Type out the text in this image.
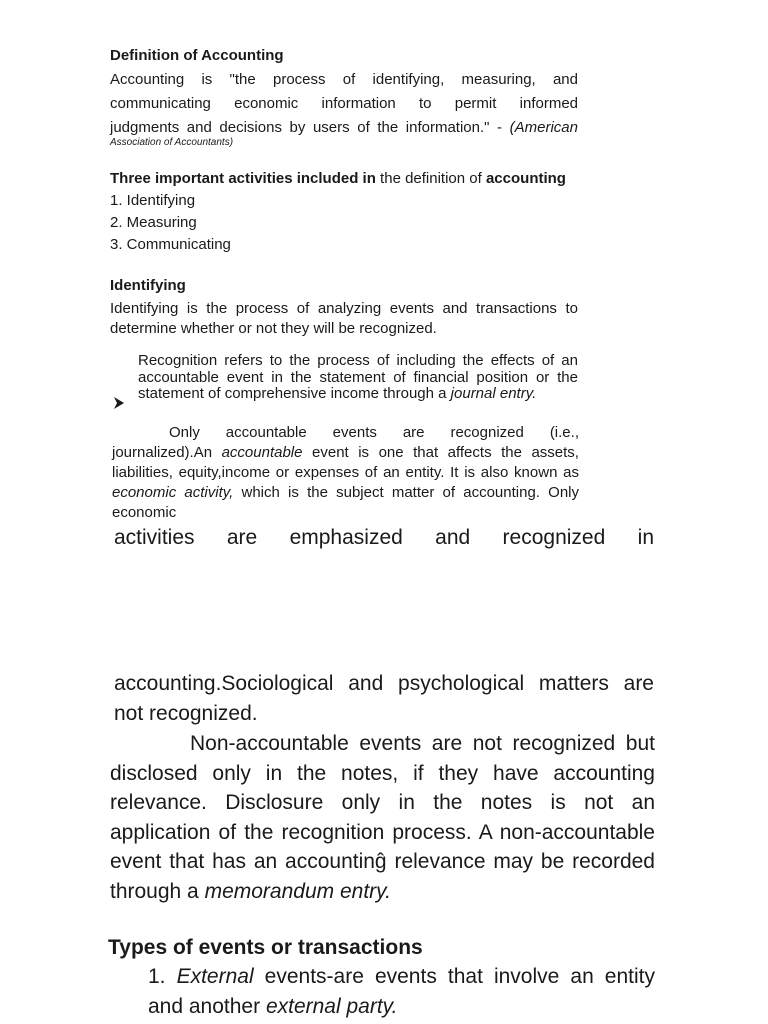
Definition of Accounting
Accounting is "the process of identifying, measuring, and
communicating economic information to permit informed
judgments and decisions by users of the information." - (American
Association of Accountants)
Three important activities included in the definition of accounting
1. Identifying
2. Measuring
3. Communicating
Identifying
Identifying is the process of analyzing events and transactions to
determine whether or not they will be recognized.
Recognition refers to the process of including the effects of an
accountable event in the statement of financial position or the
statement of comprehensive income through a journal entry.
Only accountable events are recognized (i.e.,
journalized).An accountable event is one that affects the assets,
liabilities, equity,income or expenses of an entity. It is also known as
economic activity, which is the subject matter of accounting. Only
economic
activities are emphasized and recognized in
accounting.Sociological and psychological matters are
not recognized.
Non-accountable events are not recognized but
disclosed only in the notes, if they have accounting
relevance. Disclosure only in the notes is not an
application of the recognition process. A non-accountable
event that has an accountinĝ relevance may be recorded
through a memorandum entry.
Types of events or transactions
1. External events-are events that involve an entity
and another external party.
